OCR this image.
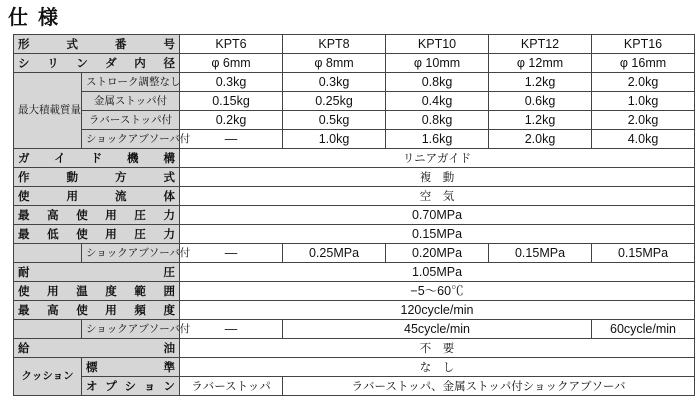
仕様
形式番号		KPT6	KPT8	KPT10	KPT12	KPT16
シリンダ内径		φ 6mm	φ 8mm	φ 10mm	φ 12mm	φ 16mm
最大積載質量	ストローク調整なし	0.3kg	0.3kg	0.8kg	1.2kg	2.0kg
	金属ストッパ付	0.15kg	0.25kg	0.4kg	0.6kg	1.0kg
	ラバーストッパ付	0.2kg	0.5kg	0.8kg	1.2kg	2.0kg
	ショックアブソーバ付	—	1.0kg	1.6kg	2.0kg	4.0kg
ガイド機構		リニアガイド				
作動方式		複　動				
使用流体		空　気				
最高使用圧力		0.70MPa				
最低使用圧力		0.15MPa				
	ショックアブソーバ付	—	0.25MPa	0.20MPa	0.15MPa	0.15MPa
耐圧		1.05MPa				
使用温度範囲		−5〜60℃				
最高使用頻度		120cycle/min				
	ショックアブソーバ付	—	45cycle/min			60cycle/min
給油		不　要				
クッション	標準	な　し				
	オプション	ラバーストッパ	ラバーストッパ、金属ストッパ付ショックアブソーバ			
